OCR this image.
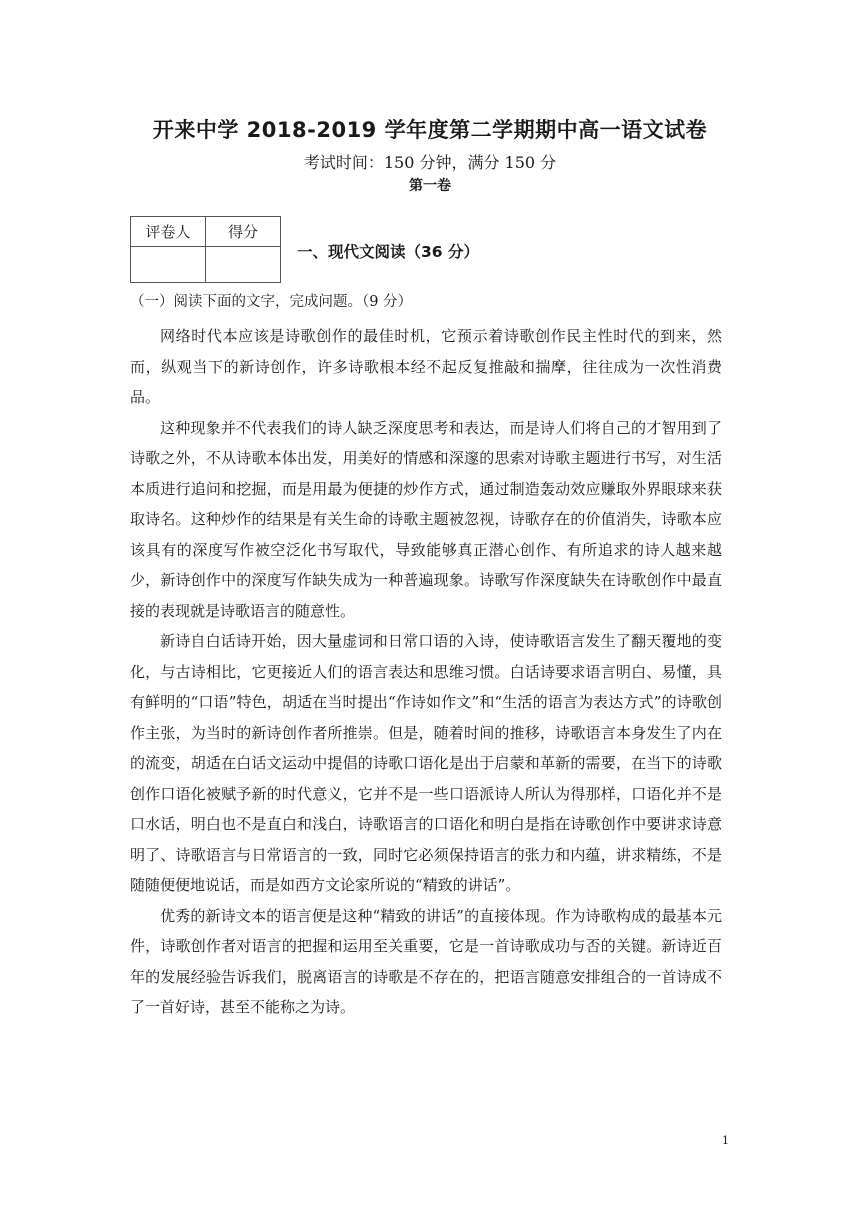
开来中学 2018-2019 学年度第二学期期中高一语文试卷
考试时间：150 分钟，满分 150 分
第一卷
评卷人	得分

一、现代文阅读（36 分）
（一）阅读下面的文字，完成问题。（9 分）

网络时代本应该是诗歌创作的最佳时机，它预示着诗歌创作民主性时代的到来，然而，纵观当下的新诗创作，许多诗歌根本经不起反复推敲和揣摩，往往成为一次性消费品。

这种现象并不代表我们的诗人缺乏深度思考和表达，而是诗人们将自己的才智用到了诗歌之外，不从诗歌本体出发，用美好的情感和深邃的思索对诗歌主题进行书写，对生活本质进行追问和挖掘，而是用最为便捷的炒作方式，通过制造轰动效应赚取外界眼球来获取诗名。这种炒作的结果是有关生命的诗歌主题被忽视，诗歌存在的价值消失，诗歌本应该具有的深度写作被空泛化书写取代，导致能够真正潜心创作、有所追求的诗人越来越少，新诗创作中的深度写作缺失成为一种普遍现象。诗歌写作深度缺失在诗歌创作中最直接的表现就是诗歌语言的随意性。

新诗自白话诗开始，因大量虚词和日常口语的入诗，使诗歌语言发生了翻天覆地的变化，与古诗相比，它更接近人们的语言表达和思维习惯。白话诗要求语言明白、易懂，具有鲜明的“口语”特色，胡适在当时提出“作诗如作文”和“生活的语言为表达方式”的诗歌创作主张，为当时的新诗创作者所推崇。但是，随着时间的推移，诗歌语言本身发生了内在的流变，胡适在白话文运动中提倡的诗歌口语化是出于启蒙和革新的需要，在当下的诗歌创作口语化被赋予新的时代意义，它并不是一些口语派诗人所认为得那样，口语化并不是口水话，明白也不是直白和浅白，诗歌语言的口语化和明白是指在诗歌创作中要讲求诗意明了、诗歌语言与日常语言的一致，同时它必须保持语言的张力和内蕴，讲求精练，不是随随便便地说话，而是如西方文论家所说的“精致的讲话”。

优秀的新诗文本的语言便是这种“精致的讲话”的直接体现。作为诗歌构成的最基本元件，诗歌创作者对语言的把握和运用至关重要，它是一首诗歌成功与否的关键。新诗近百年的发展经验告诉我们，脱离语言的诗歌是不存在的，把语言随意安排组合的一首诗成不了一首好诗，甚至不能称之为诗。

1
